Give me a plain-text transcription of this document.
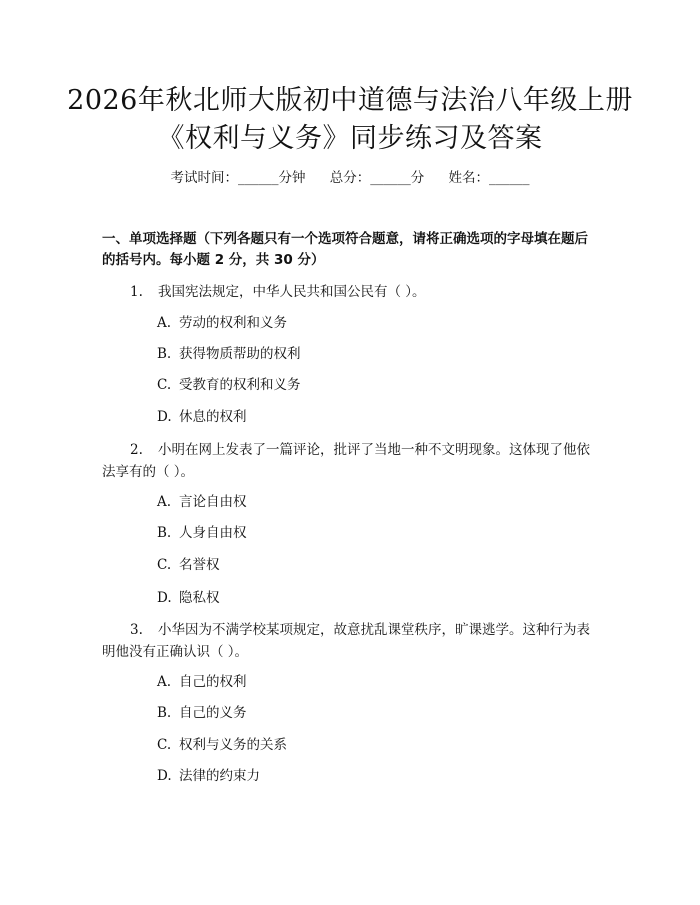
2026年秋北师大版初中道德与法治八年级上册《权利与义务》同步练习及答案
考试时间：______分钟 总分：______分 姓名：______
一、单项选择题（下列各题只有一个选项符合题意，请将正确选项的字母填在题后的括号内。每小题 2 分，共 30 分）
1. 我国宪法规定，中华人民共和国公民有（ ）。
A. 劳动的权利和义务
B. 获得物质帮助的权利
C. 受教育的权利和义务
D. 休息的权利
2. 小明在网上发表了一篇评论，批评了当地一种不文明现象。这体现了他依法享有的（ ）。
A. 言论自由权
B. 人身自由权
C. 名誉权
D. 隐私权
3. 小华因为不满学校某项规定，故意扰乱课堂秩序，旷课逃学。这种行为表明他没有正确认识（ ）。
A. 自己的权利
B. 自己的义务
C. 权利与义务的关系
D. 法律的约束力
